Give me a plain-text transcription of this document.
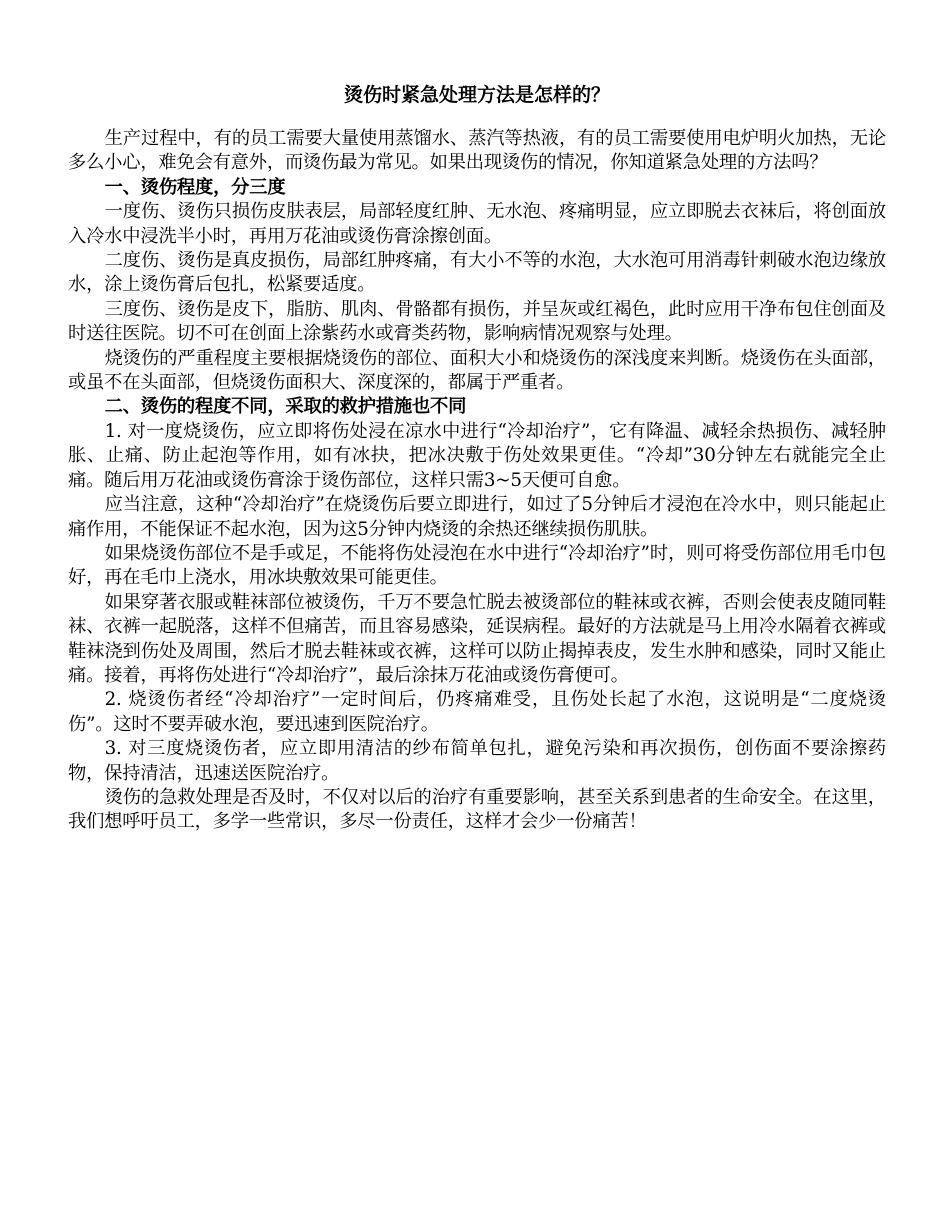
烫伤时紧急处理方法是怎样的？

生产过程中，有的员工需要大量使用蒸馏水、蒸汽等热液，有的员工需要使用电炉明火加热，无论多么小心，难免会有意外，而烫伤最为常见。如果出现烫伤的情况，你知道紧急处理的方法吗？

一、烫伤程度，分三度

一度伤、烫伤只损伤皮肤表层，局部轻度红肿、无水泡、疼痛明显，应立即脱去衣袜后，将创面放入冷水中浸洗半小时，再用万花油或烫伤膏涂擦创面。

二度伤、烫伤是真皮损伤，局部红肿疼痛，有大小不等的水泡，大水泡可用消毒针刺破水泡边缘放水，涂上烫伤膏后包扎，松紧要适度。

三度伤、烫伤是皮下，脂肪、肌肉、骨骼都有损伤，并呈灰或红褐色，此时应用干净布包住创面及时送往医院。切不可在创面上涂紫药水或膏类药物，影响病情况观察与处理。

烧烫伤的严重程度主要根据烧烫伤的部位、面积大小和烧烫伤的深浅度来判断。烧烫伤在头面部，或虽不在头面部，但烧烫伤面积大、深度深的，都属于严重者。

二、烫伤的程度不同，采取的救护措施也不同

1. 对一度烧烫伤，应立即将伤处浸在凉水中进行“冷却治疗”，它有降温、减轻余热损伤、减轻肿胀、止痛、防止起泡等作用，如有冰抉，把冰决敷于伤处效果更佳。“冷却”30分钟左右就能完全止痛。随后用万花油或烫伤膏涂于烫伤部位，这样只需3~5天便可自愈。

应当注意，这种“冷却治疗”在烧烫伤后要立即进行，如过了5分钟后才浸泡在冷水中，则只能起止痛作用，不能保证不起水泡，因为这5分钟内烧烫的余热还继续损伤肌肤。

如果烧烫伤部位不是手或足，不能将伤处浸泡在水中进行“冷却治疗”时，则可将受伤部位用毛巾包好，再在毛巾上浇水，用冰块敷效果可能更佳。

如果穿著衣服或鞋袜部位被烫伤，千万不要急忙脱去被烫部位的鞋袜或衣裤，否则会使表皮随同鞋袜、衣裤一起脱落，这样不但痛苦，而且容易感染，延误病程。最好的方法就是马上用冷水隔着衣裤或鞋袜浇到伤处及周围，然后才脱去鞋袜或衣裤，这样可以防止揭掉表皮，发生水肿和感染，同时又能止痛。接着，再将伤处进行“冷却治疗”，最后涂抹万花油或烫伤膏便可。

2. 烧烫伤者经“冷却治疗”一定时间后，仍疼痛难受，且伤处长起了水泡，这说明是“二度烧烫伤”。这时不要弄破水泡，要迅速到医院治疗。

3. 对三度烧烫伤者，应立即用清洁的纱布简单包扎，避免污染和再次损伤，创伤面不要涂擦药物，保持清洁，迅速送医院治疗。

烫伤的急救处理是否及时，不仅对以后的治疗有重要影响，甚至关系到患者的生命安全。在这里，我们想呼吁员工，多学一些常识，多尽一份责任，这样才会少一份痛苦！
